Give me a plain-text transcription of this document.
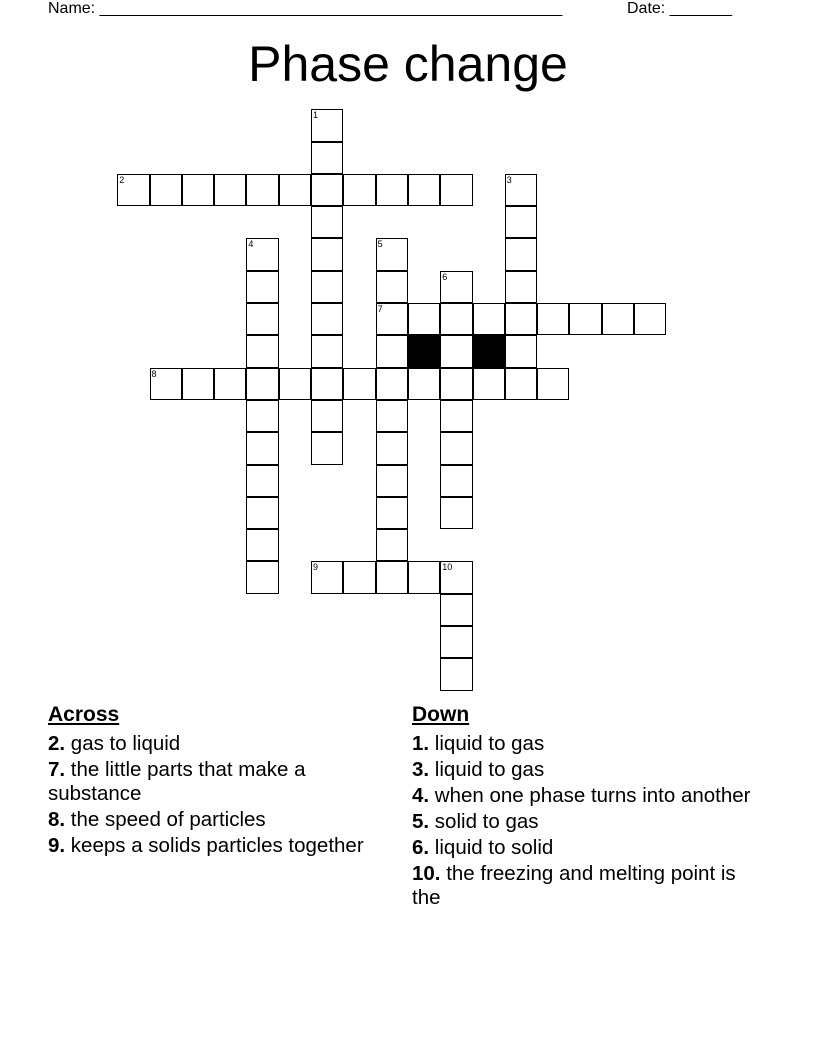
Name: ____________________________________________________	Date: _______
Phase change
1
2	3
4	5
6
7
8
9	10
Across
2. gas to liquid
7. the little parts that make a substance
8. the speed of particles
9. keeps a solids particles together
Down
1. liquid to gas
3. liquid to gas
4. when one phase turns into another
5. solid to gas
6. liquid to solid
10. the freezing and melting point is the
